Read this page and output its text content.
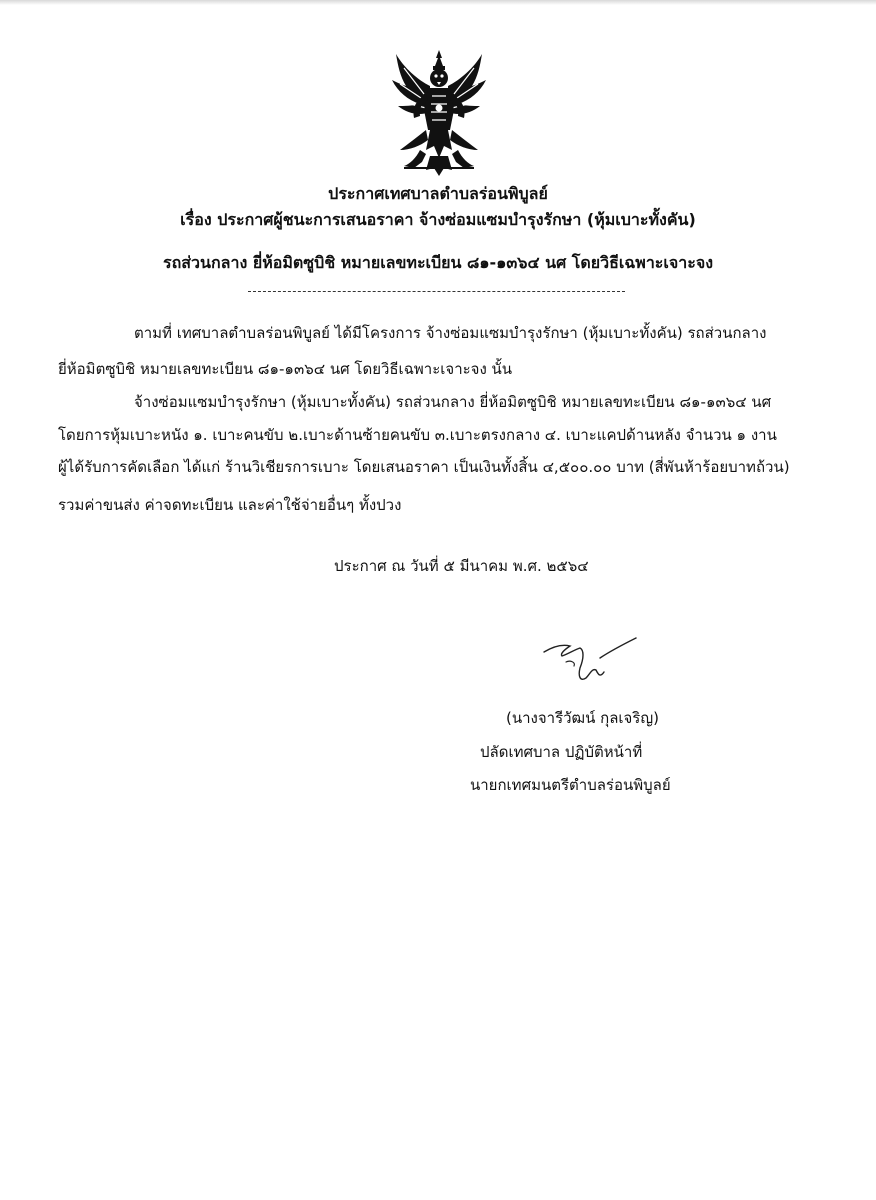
ประกาศเทศบาลตำบลร่อนพิบูลย์
เรื่อง ประกาศผู้ชนะการเสนอราคา จ้างซ่อมแซมบำรุงรักษา (หุ้มเบาะทั้งคัน)
รถส่วนกลาง ยี่ห้อมิตซูบิชิ หมายเลขทะเบียน ๘๑-๑๓๖๔ นศ โดยวิธีเฉพาะเจาะจง
ตามที่ เทศบาลตำบลร่อนพิบูลย์ ได้มีโครงการ จ้างซ่อมแซมบำรุงรักษา (หุ้มเบาะทั้งคัน) รถส่วนกลาง
ยี่ห้อมิตซูบิชิ หมายเลขทะเบียน ๘๑-๑๓๖๔ นศ โดยวิธีเฉพาะเจาะจง นั้น
จ้างซ่อมแซมบำรุงรักษา (หุ้มเบาะทั้งคัน) รถส่วนกลาง ยี่ห้อมิตซูบิชิ หมายเลขทะเบียน ๘๑-๑๓๖๔ นศ
โดยการหุ้มเบาะหนัง ๑. เบาะคนขับ ๒.เบาะด้านซ้ายคนขับ ๓.เบาะตรงกลาง ๔. เบาะแคปด้านหลัง จำนวน ๑ งาน
ผู้ได้รับการคัดเลือก ได้แก่ ร้านวิเชียรการเบาะ โดยเสนอราคา เป็นเงินทั้งสิ้น ๔,๕๐๐.๐๐ บาท (สี่พันห้าร้อยบาทถ้วน)
รวมค่าขนส่ง ค่าจดทะเบียน และค่าใช้จ่ายอื่นๆ ทั้งปวง
ประกาศ ณ วันที่ ๕ มีนาคม พ.ศ. ๒๕๖๔
(นางจารีวัฒน์ กุลเจริญ)
ปลัดเทศบาล ปฏิบัติหน้าที่
นายกเทศมนตรีตำบลร่อนพิบูลย์
